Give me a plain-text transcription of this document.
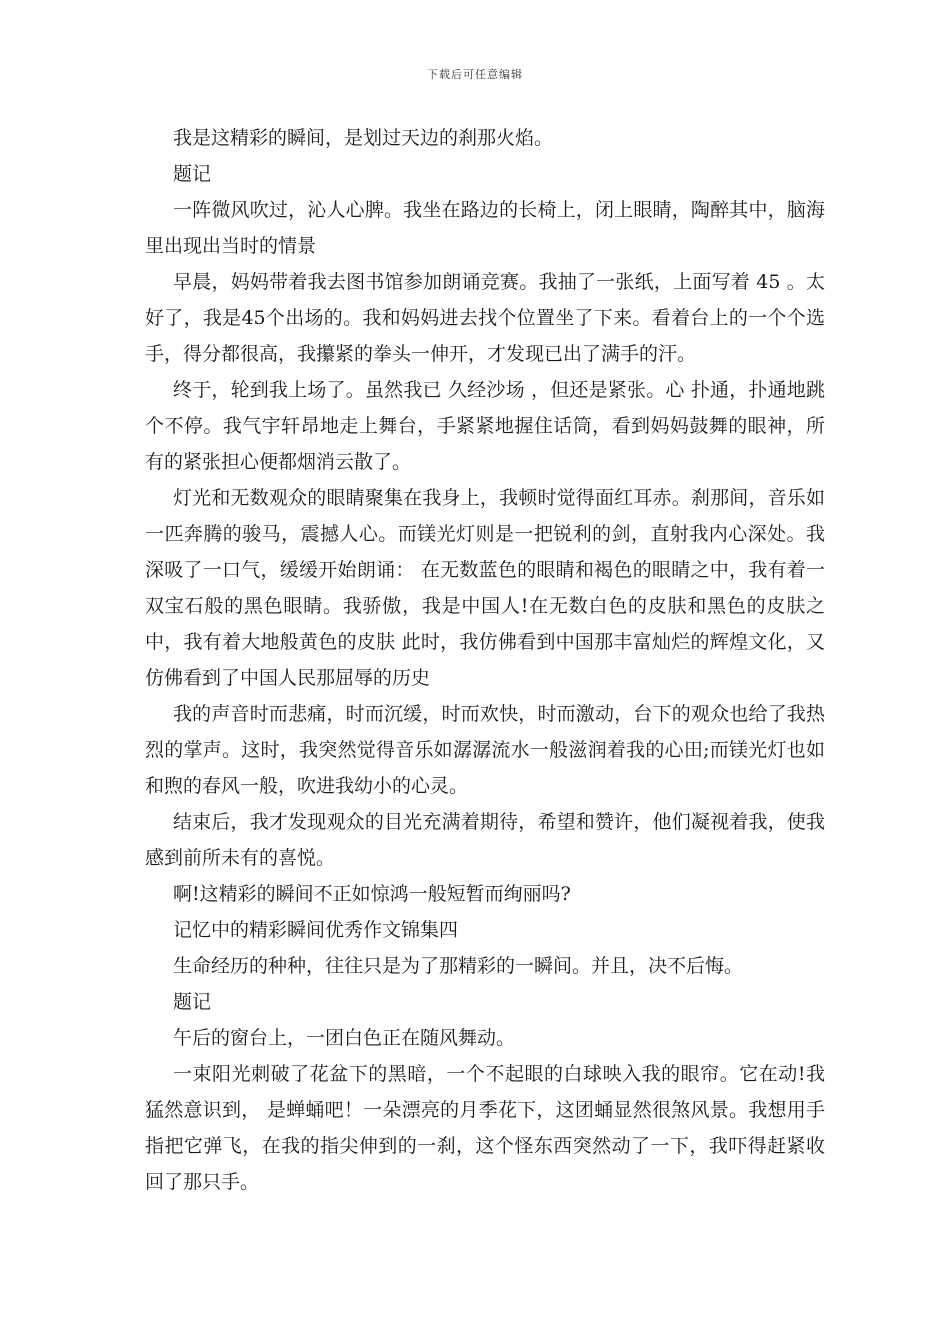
下载后可任意编辑

我是这精彩的瞬间，是划过天边的刹那火焰。

题记

一阵微风吹过，沁人心脾。我坐在路边的长椅上，闭上眼睛，陶醉其中，脑海里出现出当时的情景

早晨，妈妈带着我去图书馆参加朗诵竞赛。我抽了一张纸，上面写着 45 。太好了，我是45个出场的。我和妈妈进去找个位置坐了下来。看着台上的一个个选手，得分都很高，我攥紧的拳头一伸开，才发现已出了满手的汗。

终于，轮到我上场了。虽然我已 久经沙场 ，但还是紧张。心 扑通，扑通地跳个不停。我气宇轩昂地走上舞台，手紧紧地握住话筒，看到妈妈鼓舞的眼神，所有的紧张担心便都烟消云散了。

灯光和无数观众的眼睛聚集在我身上，我顿时觉得面红耳赤。刹那间，音乐如一匹奔腾的骏马，震撼人心。而镁光灯则是一把锐利的剑，直射我内心深处。我深吸了一口气，缓缓开始朗诵： 在无数蓝色的眼睛和褐色的眼睛之中，我有着一双宝石般的黑色眼睛。我骄傲，我是中国人!在无数白色的皮肤和黑色的皮肤之中，我有着大地般黄色的皮肤 此时，我仿佛看到中国那丰富灿烂的辉煌文化，又仿佛看到了中国人民那屈辱的历史

我的声音时而悲痛，时而沉缓，时而欢快，时而激动，台下的观众也给了我热烈的掌声。这时，我突然觉得音乐如潺潺流水一般滋润着我的心田;而镁光灯也如和煦的春风一般，吹进我幼小的心灵。

结束后，我才发现观众的目光充满着期待，希望和赞许，他们凝视着我，使我感到前所未有的喜悦。

啊!这精彩的瞬间不正如惊鸿一般短暂而绚丽吗?

记忆中的精彩瞬间优秀作文锦集四

生命经历的种种，往往只是为了那精彩的一瞬间。并且，决不后悔。

题记

午后的窗台上，一团白色正在随风舞动。

一束阳光刺破了花盆下的黑暗，一个不起眼的白球映入我的眼帘。它在动!我猛然意识到， 是蝉蛹吧！一朵漂亮的月季花下，这团蛹显然很煞风景。我想用手指把它弹飞，在我的指尖伸到的一刹，这个怪东西突然动了一下，我吓得赶紧收回了那只手。
